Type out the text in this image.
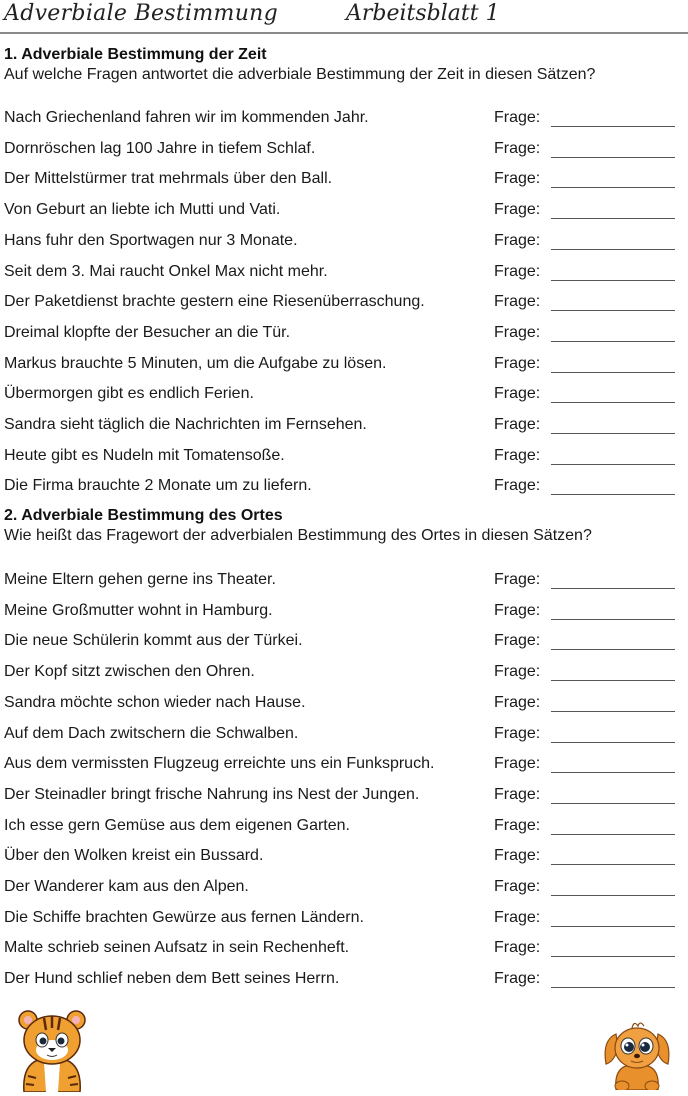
Adverbiale Bestimmung	Arbeitsblatt 1
1. Adverbiale Bestimmung der Zeit
Auf welche Fragen antwortet die adverbiale Bestimmung der Zeit in diesen Sätzen?
Nach Griechenland fahren wir im kommenden Jahr.	Frage:
Dornröschen lag 100 Jahre in tiefem Schlaf.	Frage:
Der Mittelstürmer trat mehrmals über den Ball.	Frage:
Von Geburt an liebte ich Mutti und Vati.	Frage:
Hans fuhr den Sportwagen nur 3 Monate.	Frage:
Seit dem 3. Mai raucht Onkel Max nicht mehr.	Frage:
Der Paketdienst brachte gestern eine Riesenüberraschung.	Frage:
Dreimal klopfte der Besucher an die Tür.	Frage:
Markus brauchte 5 Minuten, um die Aufgabe zu lösen.	Frage:
Übermorgen gibt es endlich Ferien.	Frage:
Sandra sieht täglich die Nachrichten im Fernsehen.	Frage:
Heute gibt es Nudeln mit Tomatensoße.	Frage:
Die Firma brauchte 2 Monate um zu liefern.	Frage:
2. Adverbiale Bestimmung des Ortes
Wie heißt das Fragewort der adverbialen Bestimmung des Ortes in diesen Sätzen?
Meine Eltern gehen gerne ins Theater.	Frage:
Meine Großmutter wohnt in Hamburg.	Frage:
Die neue Schülerin kommt aus der Türkei.	Frage:
Der Kopf sitzt zwischen den Ohren.	Frage:
Sandra möchte schon wieder nach Hause.	Frage:
Auf dem Dach zwitschern die Schwalben.	Frage:
Aus dem vermissten Flugzeug erreichte uns ein Funkspruch.	Frage:
Der Steinadler bringt frische Nahrung ins Nest der Jungen.	Frage:
Ich esse gern Gemüse aus dem eigenen Garten.	Frage:
Über den Wolken kreist ein Bussard.	Frage:
Der Wanderer kam aus den Alpen.	Frage:
Die Schiffe brachten Gewürze aus fernen Ländern.	Frage:
Malte schrieb seinen Aufsatz in sein Rechenheft.	Frage:
Der Hund schlief neben dem Bett seines Herrn.	Frage:
